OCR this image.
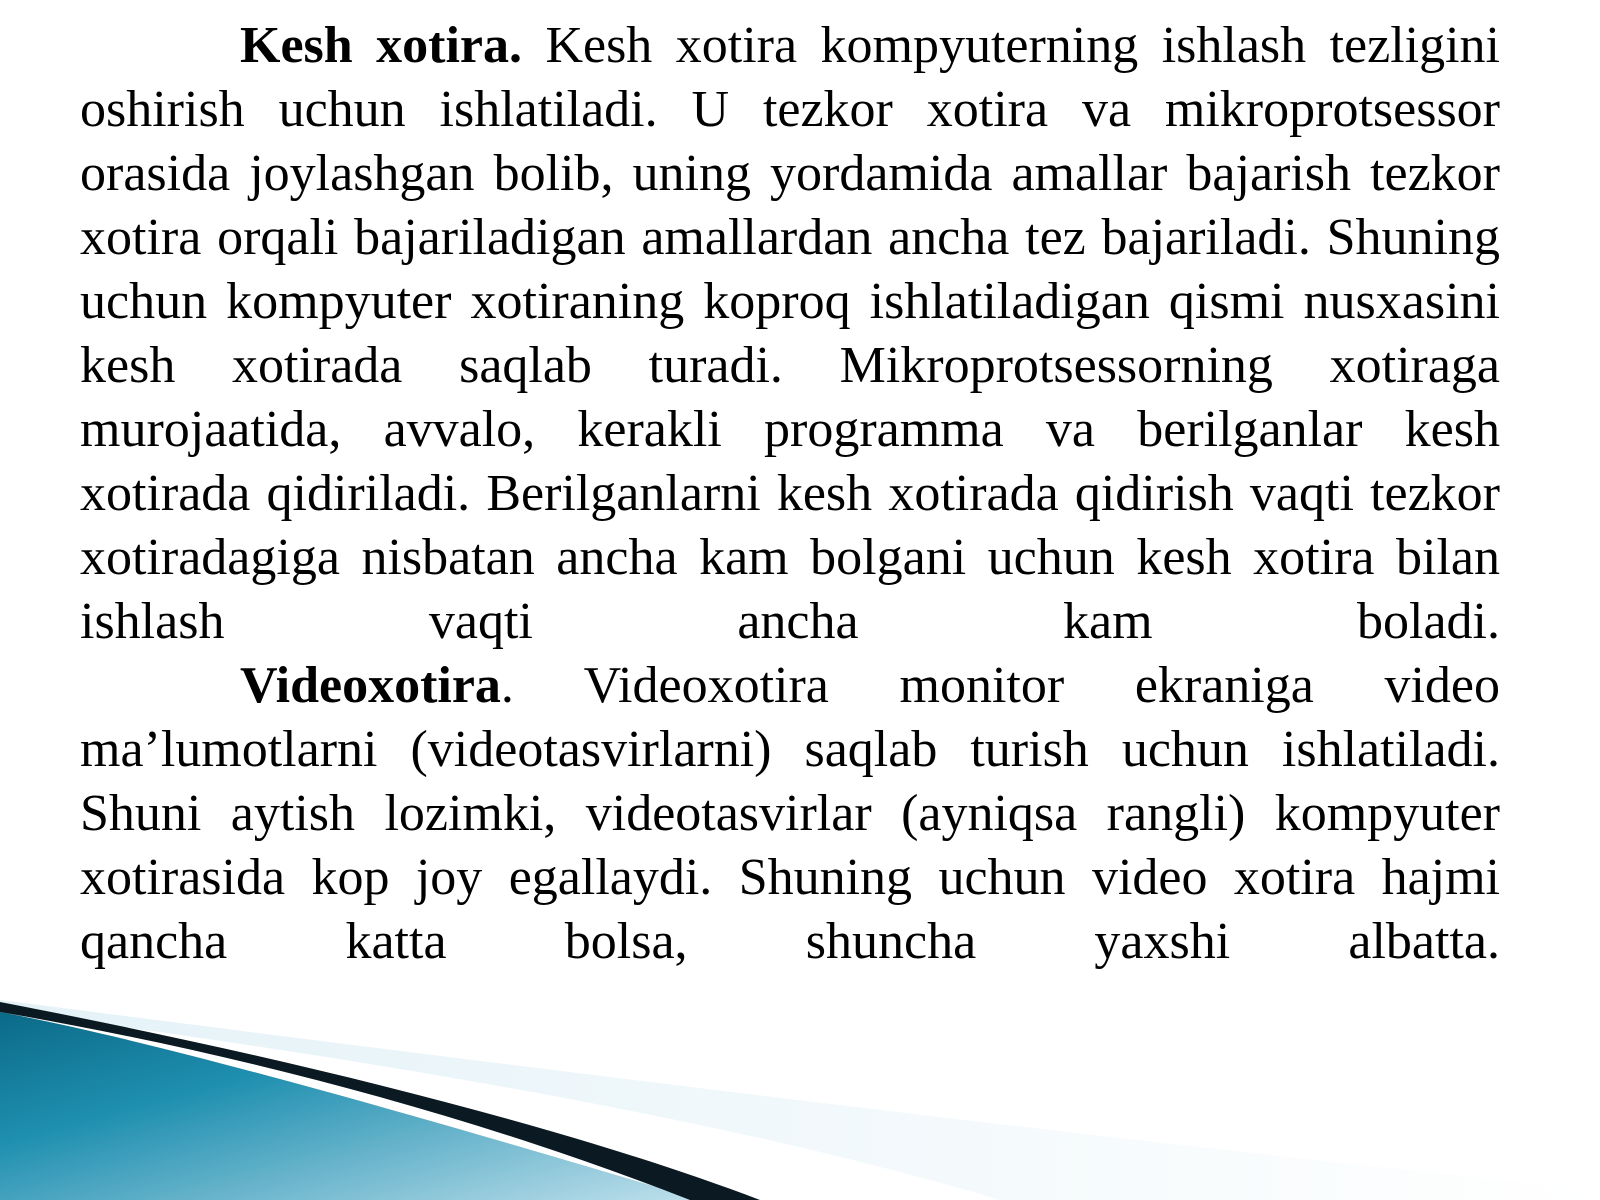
Kesh xotira. Kesh xotira kompyuterning ishlash tezligini oshirish uchun ishlatiladi. U tezkor xotira va mikroprotsessor orasida joylashgan bolib, uning yordamida amallar bajarish tezkor xotira orqali bajariladigan amallardan ancha tez bajariladi. Shuning uchun kompyuter xotiraning koproq ishlatiladigan qismi nusxasini kesh xotirada saqlab turadi. Mikroprotsessorning xotiraga murojaatida, avvalo, kerakli programma va berilganlar kesh xotirada qidiriladi. Berilganlarni kesh xotirada qidirish vaqti tezkor xotiradagiga nisbatan ancha kam bolgani uchun kesh xotira bilan ishlash vaqti ancha kam boladi.

Videoxotira. Videoxotira monitor ekraniga video ma’lumotlarni (videotasvirlarni) saqlab turish uchun ishlatiladi. Shuni aytish lozimki, videotasvirlar (ayniqsa rangli) kompyuter xotirasida kop joy egallaydi. Shuning uchun video xotira hajmi qancha katta bolsa, shuncha yaxshi albatta.
